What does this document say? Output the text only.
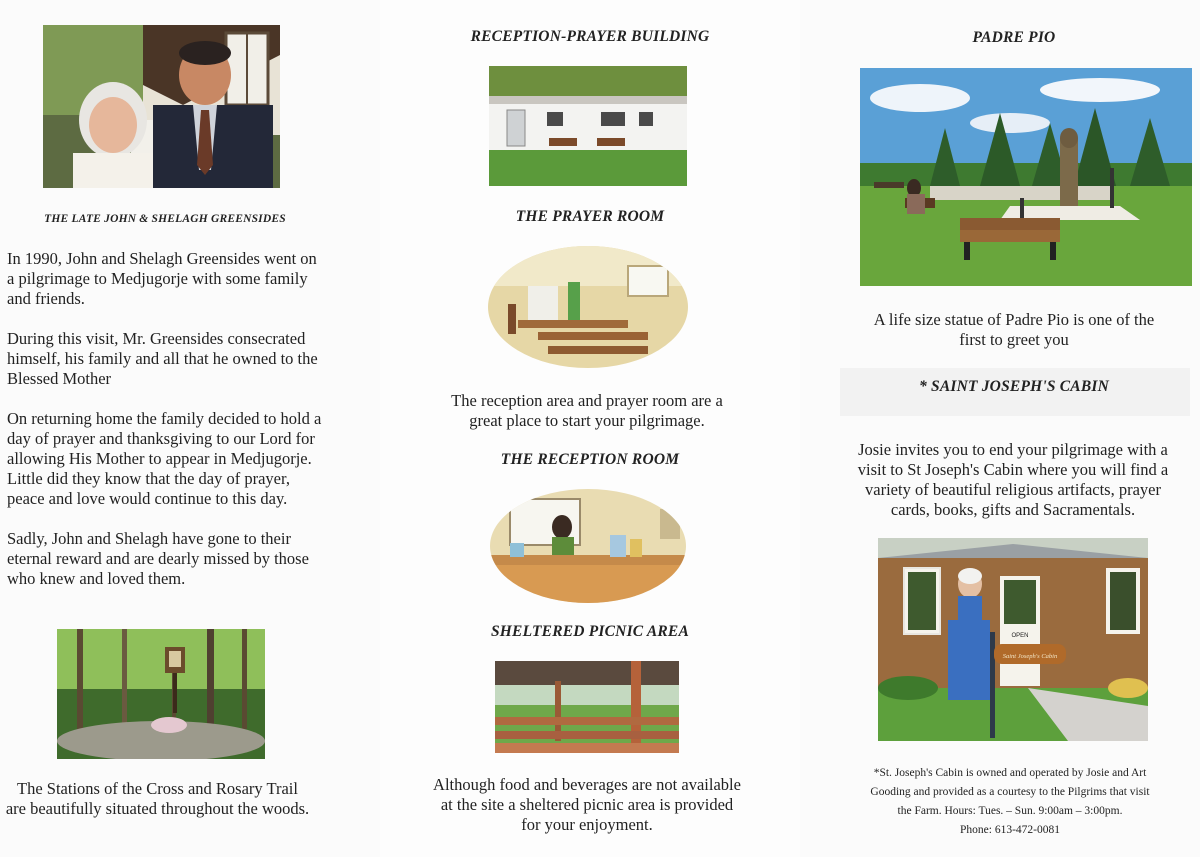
THE LATE JOHN & SHELAGH GREENSIDES

In 1990, John and Shelagh Greensides went on a pilgrimage to Medjugorje with some family and friends.

During this visit, Mr. Greensides consecrated himself, his family and all that he owned to the Blessed Mother

On returning home the family decided to hold a day of prayer and thanksgiving to our Lord for allowing His Mother to appear in Medjugorje. Little did they know that the day of prayer, peace and love would continue to this day.

Sadly, John and Shelagh have gone to their eternal reward and are dearly missed by those who knew and loved them.

The Stations of the Cross and Rosary Trail are beautifully situated throughout the woods.
RECEPTION-PRAYER BUILDING
THE PRAYER ROOM
The reception area and prayer room are a great place to start your pilgrimage.
THE RECEPTION ROOM
SHELTERED PICNIC AREA
Although food and beverages are not available at the site a sheltered picnic area is provided for your enjoyment.
PADRE PIO
A life size statue of Padre Pio is one of the first to greet you
* SAINT JOSEPH'S CABIN
Josie invites you to end your pilgrimage with a visit to St Joseph's Cabin where you will find a variety of beautiful religious artifacts, prayer cards, books, gifts and Sacramentals.
OPEN
Saint Joseph's Cabin
*St. Joseph's Cabin is owned and operated by Josie and Art
Gooding and provided as a courtesy to the Pilgrims that visit
the Farm. Hours: Tues. – Sun. 9:00am – 3:00pm.
Phone: 613-472-0081
